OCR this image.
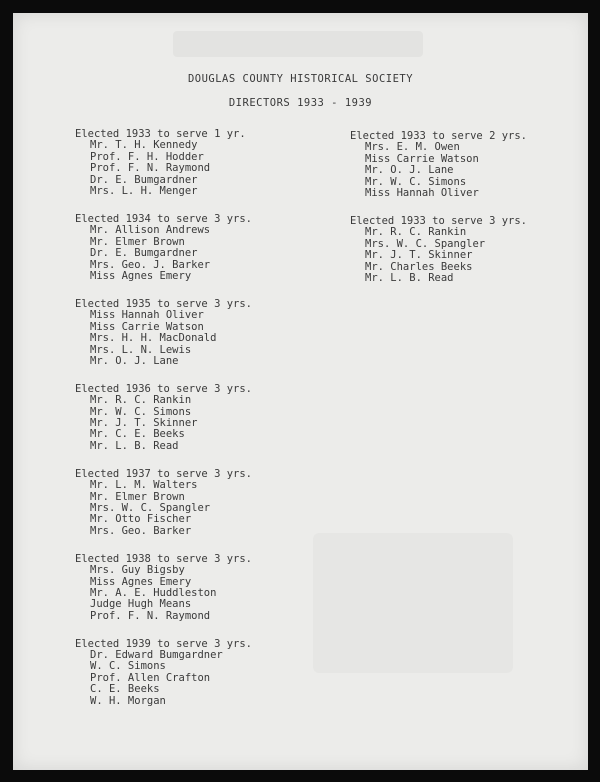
DOUGLAS COUNTY HISTORICAL SOCIETY
DIRECTORS 1933 - 1939
Elected 1933 to serve 1 yr.
Mr. T. H. Kennedy
Prof. F. H. Hodder
Prof. F. N. Raymond
Dr. E. Bumgardner
Mrs. L. H. Menger
Elected 1934 to serve 3 yrs.
Mr. Allison Andrews
Mr. Elmer Brown
Dr. E. Bumgardner
Mrs. Geo. J. Barker
Miss Agnes Emery
Elected 1935 to serve 3 yrs.
Miss Hannah Oliver
Miss Carrie Watson
Mrs. H. H. MacDonald
Mrs. L. N. Lewis
Mr. O. J. Lane
Elected 1936 to serve 3 yrs.
Mr. R. C. Rankin
Mr. W. C. Simons
Mr. J. T. Skinner
Mr. C. E. Beeks
Mr. L. B. Read
Elected 1937 to serve 3 yrs.
Mr. L. M. Walters
Mr. Elmer Brown
Mrs. W. C. Spangler
Mr. Otto Fischer
Mrs. Geo. Barker
Elected 1938 to serve 3 yrs.
Mrs. Guy Bigsby
Miss Agnes Emery
Mr. A. E. Huddleston
Judge Hugh Means
Prof. F. N. Raymond
Elected 1939 to serve 3 yrs.
Dr. Edward Bumgardner
W. C. Simons
Prof. Allen Crafton
C. E. Beeks
W. H. Morgan
Elected 1933 to serve 2 yrs.
Mrs. E. M. Owen
Miss Carrie Watson
Mr. O. J. Lane
Mr. W. C. Simons
Miss Hannah Oliver
Elected 1933 to serve 3 yrs.
Mr. R. C. Rankin
Mrs. W. C. Spangler
Mr. J. T. Skinner
Mr. Charles Beeks
Mr. L. B. Read
